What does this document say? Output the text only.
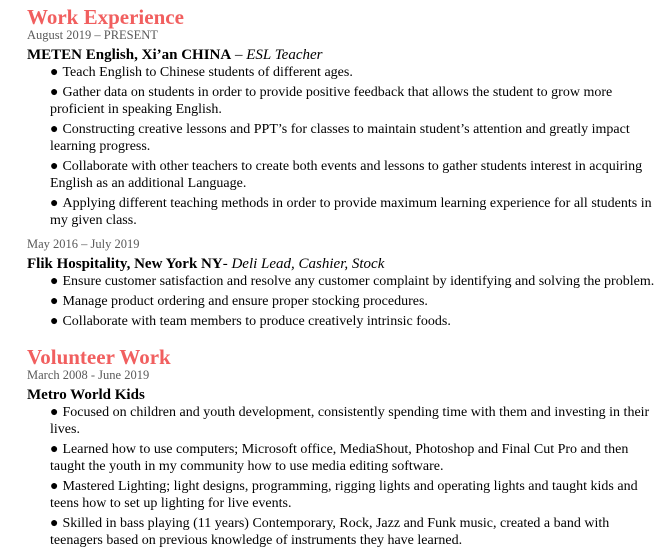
Work Experience

August 2019 – PRESENT

METEN English, Xi’an CHINA – ESL Teacher

● Teach English to Chinese students of different ages.
● Gather data on students in order to provide positive feedback that allows the student to grow more proficient in speaking English.
● Constructing creative lessons and PPT’s for classes to maintain student’s attention and greatly impact learning progress.
● Collaborate with other teachers to create both events and lessons to gather students interest in acquiring English as an additional Language.
● Applying different teaching methods in order to provide maximum learning experience for all students in my given class.

May 2016 – July 2019

Flik Hospitality, New York NY- Deli Lead, Cashier, Stock

● Ensure customer satisfaction and resolve any customer complaint by identifying and solving the problem.
● Manage product ordering and ensure proper stocking procedures.
● Collaborate with team members to produce creatively intrinsic foods.
Volunteer Work

March 2008 - June 2019

Metro World Kids

● Focused on children and youth development, consistently spending time with them and investing in their lives.
● Learned how to use computers; Microsoft office, MediaShout, Photoshop and Final Cut Pro and then taught the youth in my community how to use media editing software.
● Mastered Lighting; light designs, programming, rigging lights and operating lights and taught kids and teens how to set up lighting for live events.
● Skilled in bass playing (11 years) Contemporary, Rock, Jazz and Funk music, created a band with teenagers based on previous knowledge of instruments they have learned.
